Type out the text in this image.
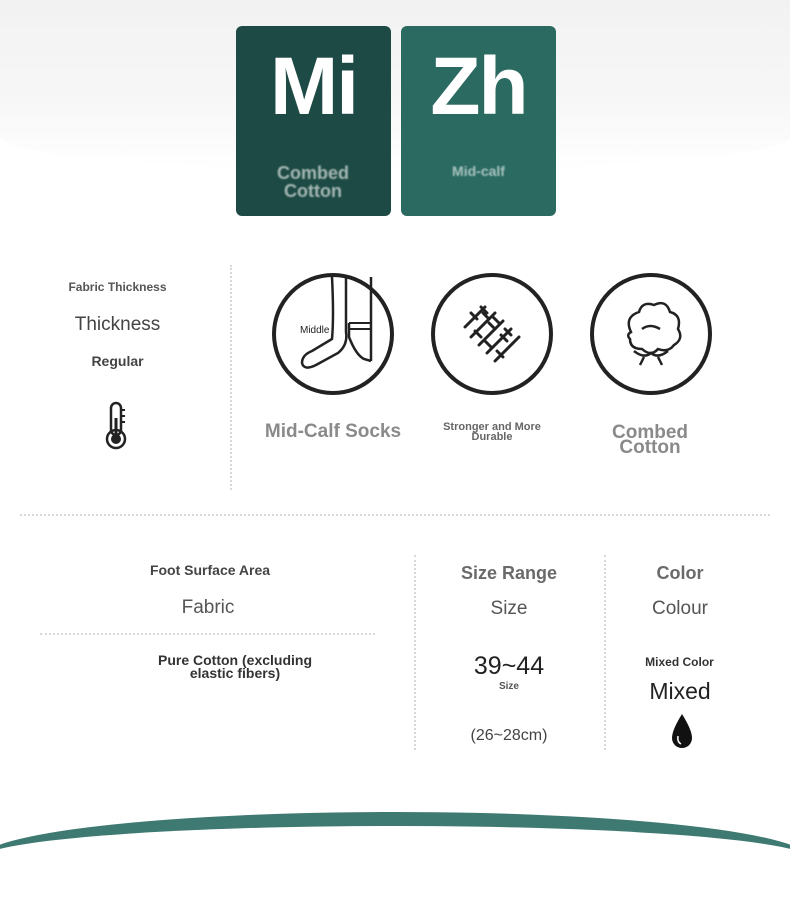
Mi
Combed Cotton
Zh
Mid-calf
Fabric Thickness
Thickness
Regular
Middle
Mid-Calf Socks	Stronger and More Durable	Combed Cotton
Foot Surface Area
Fabric
Pure Cotton (excluding elastic fibers)
Size Range
Size
39~44
Size
(26~28cm)
Color
Colour
Mixed Color
Mixed
